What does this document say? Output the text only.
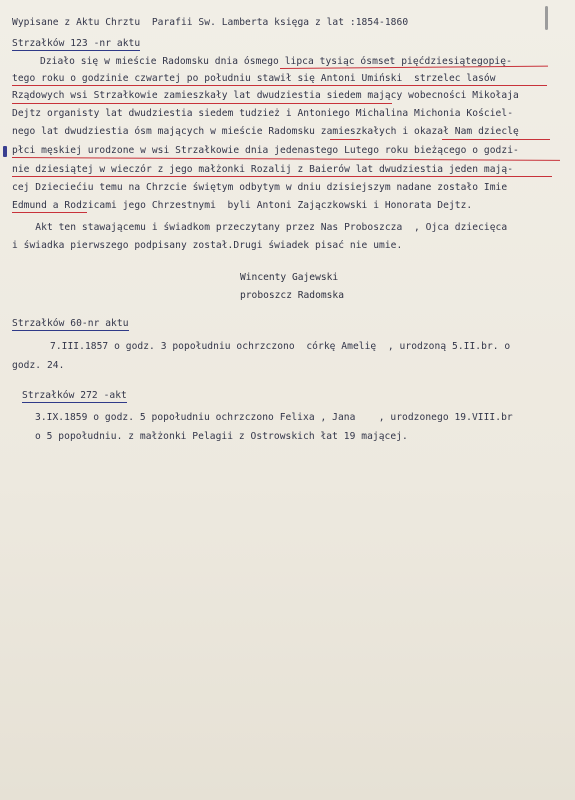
Wypisane z Aktu Chrztu  Parafii Sw. Lamberta księga z lat :1854-1860
Strzałków 123 -nr aktu
Działo się w mieście Radomsku dnia ósmego lipca tysiąc ósmset pięćdziesiątegopię-
tego roku o godzinie czwartej po południu stawił się Antoni Umiński  strzelec lasów
Rządowych wsi Strzałkowie zamieszkały lat dwudziestia siedem mający wobecności Mikołaja
Dejtz organisty lat dwudziestia siedem tudzież i Antoniego Michalina Michonia Kościel-
nego lat dwudziestia ósm mających w mieście Radomsku zamieszkałych i okazał Nam dzieclę
płci męskiej urodzone w wsi Strzałkowie dnia jedenastego Lutego roku bieżącego o godzi-
nie dziesiątej w wieczór z jego małżonki Rozalij z Baierów lat dwudziestia jeden mają-
cej Dzieciećiu temu na Chrzcie świętym odbytym w dniu dzisiejszym nadane zostało Imie
Edmund a Rodzicami jego Chrzestnymi  byli Antoni Zajączkowski i Honorata Dejtz.
Akt ten stawającemu i świadkom przeczytany przez Nas Proboszcza  , Ojca dziecięca
i świadka pierwszego podpisany został.Drugi świadek pisać nie umie.
Wincenty Gajewski
proboszcz Radomska
Strzałków 60-nr aktu
7.III.1857 o godz. 3 popołudniu ochrzczono  córkę Amelię  , urodzoną 5.II.br. o
godz. 24.
Strzałków 272 -akt
3.IX.1859 o godz. 5 popołudniu ochrzczono Felixa , Jana    , urodzonego 19.VIII.br
o 5 popołudniu. z małżonki Pelagii z Ostrowskich łat 19 mającej.
